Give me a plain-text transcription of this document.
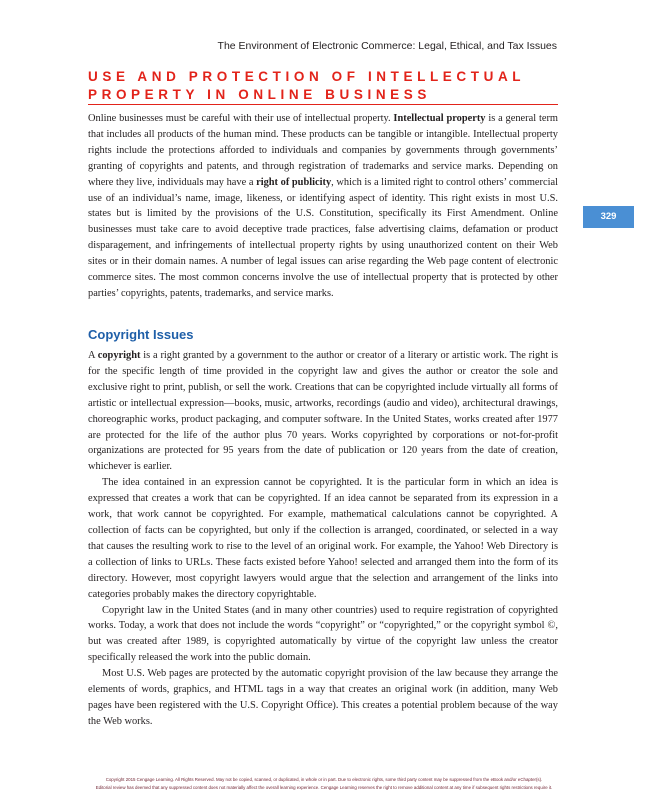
The Environment of Electronic Commerce: Legal, Ethical, and Tax Issues
USE AND PROTECTION OF INTELLECTUAL PROPERTY IN ONLINE BUSINESS
329

Online businesses must be careful with their use of intellectual property. Intellectual property is a general term that includes all products of the human mind. These products can be tangible or intangible. Intellectual property rights include the protections afforded to individuals and companies by governments through governments’ granting of copyrights and patents, and through registration of trademarks and service marks. Depending on where they live, individuals may have a right of publicity, which is a limited right to control others’ commercial use of an individual’s name, image, likeness, or identifying aspect of identity. This right exists in most U.S. states but is limited by the provisions of the U.S. Constitution, specifically its First Amendment. Online businesses must take care to avoid deceptive trade practices, false advertising claims, defamation or product disparagement, and infringements of intellectual property rights by using unauthorized content on their Web sites or in their domain names. A number of legal issues can arise regarding the Web page content of electronic commerce sites. The most common concerns involve the use of intellectual property that is protected by other parties’ copyrights, patents, trademarks, and service marks.

Copyright Issues

A copyright is a right granted by a government to the author or creator of a literary or artistic work. The right is for the specific length of time provided in the copyright law and gives the author or creator the sole and exclusive right to print, publish, or sell the work. Creations that can be copyrighted include virtually all forms of artistic or intellectual expression—books, music, artworks, recordings (audio and video), architectural drawings, choreographic works, product packaging, and computer software. In the United States, works created after 1977 are protected for the life of the author plus 70 years. Works copyrighted by corporations or not-for-profit organizations are protected for 95 years from the date of publication or 120 years from the date of creation, whichever is earlier.

The idea contained in an expression cannot be copyrighted. It is the particular form in which an idea is expressed that creates a work that can be copyrighted. If an idea cannot be separated from its expression in a work, that work cannot be copyrighted. For example, mathematical calculations cannot be copyrighted. A collection of facts can be copyrighted, but only if the collection is arranged, coordinated, or selected in a way that causes the resulting work to rise to the level of an original work. For example, the Yahoo! Web Directory is a collection of links to URLs. These facts existed before Yahoo! selected and arranged them into the form of its directory. However, most copyright lawyers would argue that the selection and arrangement of the links into categories probably makes the directory copyrightable.

Copyright law in the United States (and in many other countries) used to require registration of copyrighted works. Today, a work that does not include the words “copyright” or “copyrighted,” or the copyright symbol ©, but was created after 1989, is copyrighted automatically by virtue of the copyright law unless the creator specifically released the work into the public domain.

Most U.S. Web pages are protected by the automatic copyright provision of the law because they arrange the elements of words, graphics, and HTML tags in a way that creates an original work (in addition, many Web pages have been registered with the U.S. Copyright Office). This creates a potential problem because of the way the Web works.

Copyright 2015 Cengage Learning. All Rights Reserved. May not be copied, scanned, or duplicated, in whole or in part. Due to electronic rights, some third party content may be suppressed from the eBook and/or eChapter(s).
Editorial review has deemed that any suppressed content does not materially affect the overall learning experience. Cengage Learning reserves the right to remove additional content at any time if subsequent rights restrictions require it.
